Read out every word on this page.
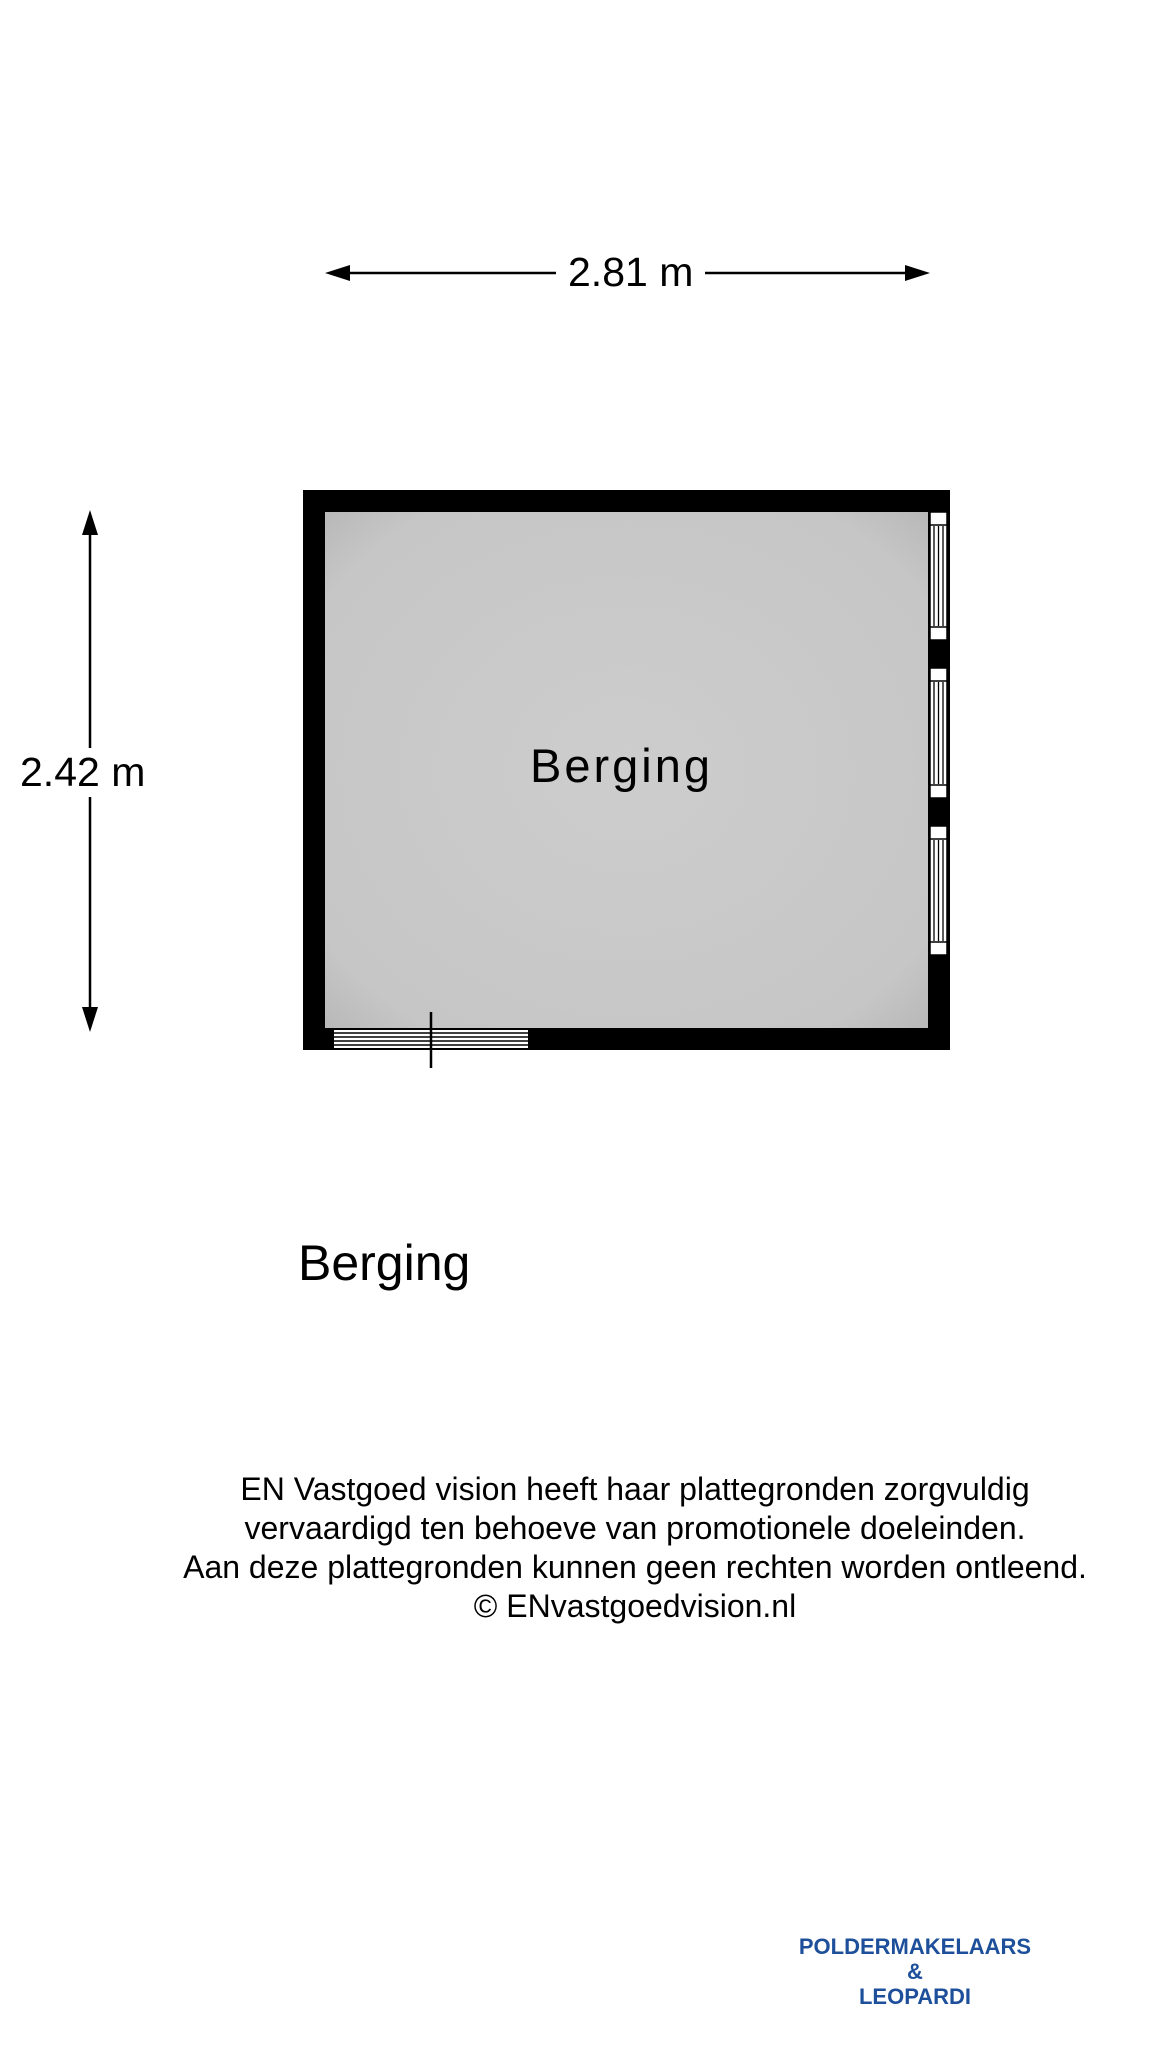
2.81 m
2.42 m	Berging
Berging
EN Vastgoed vision heeft haar plattegronden zorgvuldig
vervaardigd ten behoeve van promotionele doeleinden.
Aan deze plattegronden kunnen geen rechten worden ontleend.
© ENvastgoedvision.nl
POLDERMAKELAARS
&
LEOPARDI
